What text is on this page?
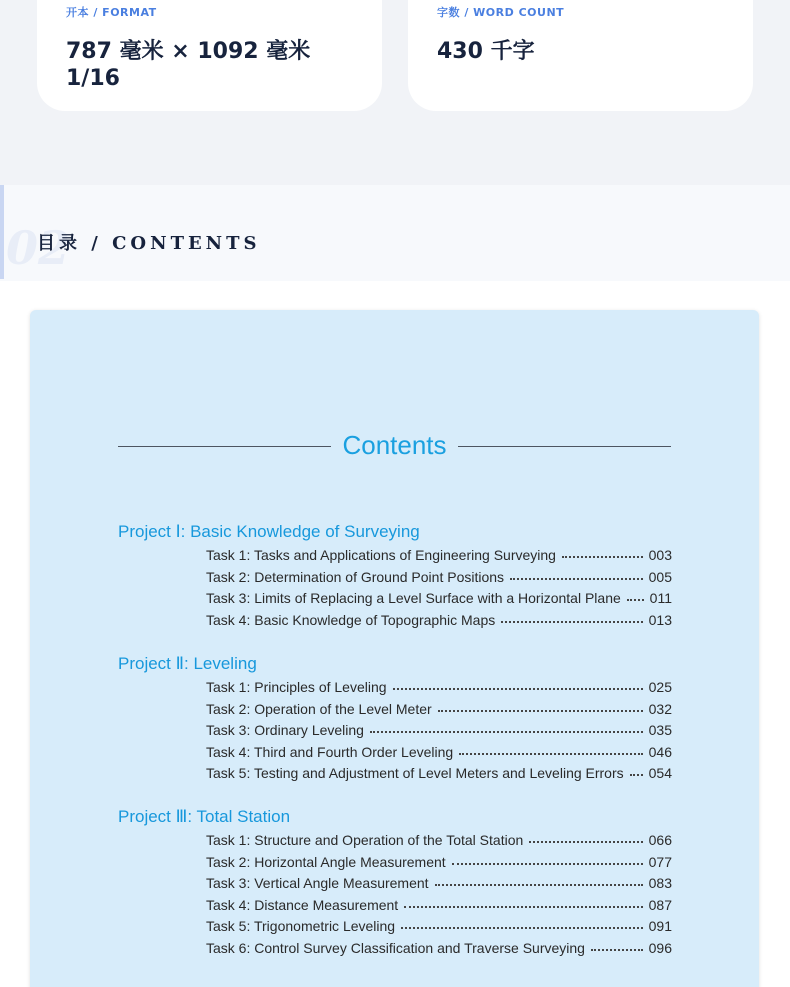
开本 / FORMAT
787 毫米 × 1092 毫米 1/16
字数 / WORD COUNT
430 千字
02
目录 / CONTENTS
Contents
Project Ⅰ: Basic Knowledge of Surveying
Task 1: Tasks and Applications of Engineering Surveying	003
Task 2: Determination of Ground Point Positions	005
Task 3: Limits of Replacing a Level Surface with a Horizontal Plane 011
Task 4: Basic Knowledge of Topographic Maps	013
Project Ⅱ: Leveling
Task 1: Principles of Leveling	025
Task 2: Operation of the Level Meter	032
Task 3: Ordinary Leveling	035
Task 4: Third and Fourth Order Leveling	046
Task 5: Testing and Adjustment of Level Meters and Leveling Errors 054
Project Ⅲ: Total Station
Task 1: Structure and Operation of the Total Station	066
Task 2: Horizontal Angle Measurement	077
Task 3: Vertical Angle Measurement	083
Task 4: Distance Measurement	087
Task 5: Trigonometric Leveling	091
Task 6: Control Survey Classification and Traverse Surveying	096
